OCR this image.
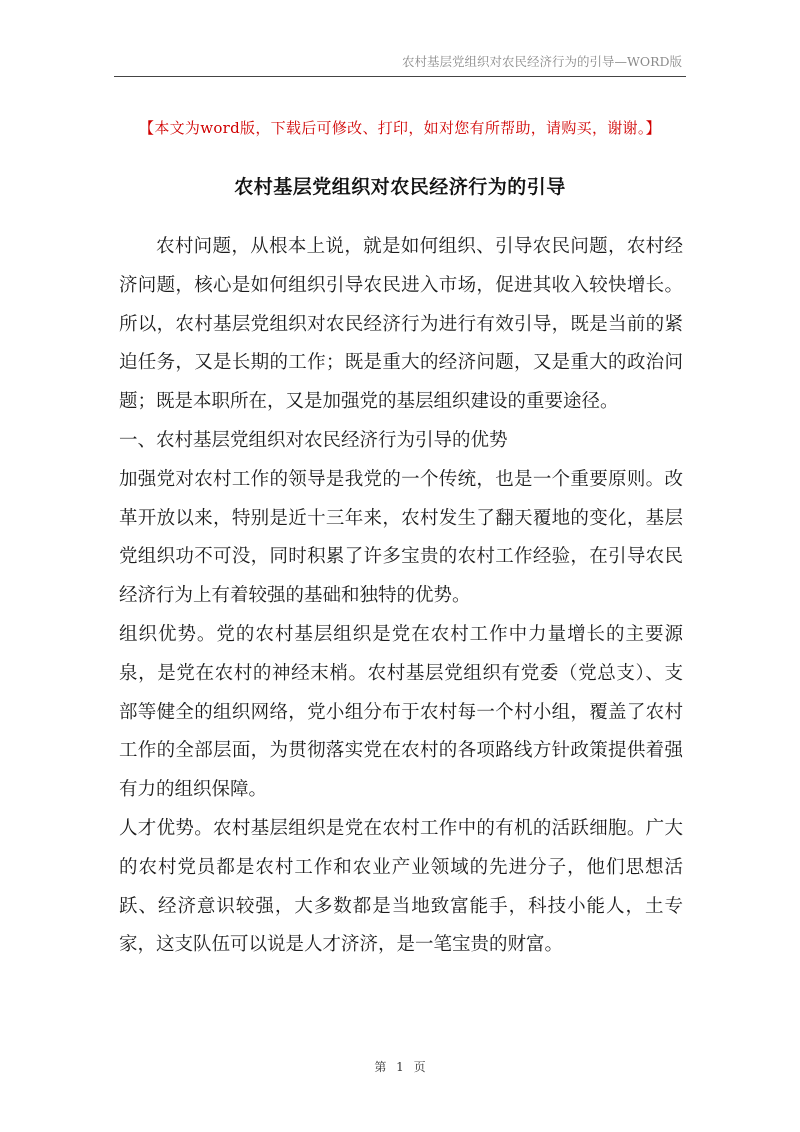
农村基层党组织对农民经济行为的引导—WORD版
【本文为word版，下载后可修改、打印，如对您有所帮助，请购买，谢谢。】
农村基层党组织对农民经济行为的引导

农村问题，从根本上说，就是如何组织、引导农民问题，农村经济问题，核心是如何组织引导农民进入市场，促进其收入较快增长。所以，农村基层党组织对农民经济行为进行有效引导，既是当前的紧迫任务，又是长期的工作；既是重大的经济问题，又是重大的政治问题；既是本职所在，又是加强党的基层组织建设的重要途径。

一、农村基层党组织对农民经济行为引导的优势

加强党对农村工作的领导是我党的一个传统，也是一个重要原则。改革开放以来，特别是近十三年来，农村发生了翻天覆地的变化，基层党组织功不可没，同时积累了许多宝贵的农村工作经验，在引导农民经济行为上有着较强的基础和独特的优势。

组织优势。党的农村基层组织是党在农村工作中力量增长的主要源泉，是党在农村的神经末梢。农村基层党组织有党委（党总支）、支部等健全的组织网络，党小组分布于农村每一个村小组，覆盖了农村工作的全部层面，为贯彻落实党在农村的各项路线方针政策提供着强有力的组织保障。

人才优势。农村基层组织是党在农村工作中的有机的活跃细胞。广大的农村党员都是农村工作和农业产业领域的先进分子，他们思想活跃、经济意识较强，大多数都是当地致富能手，科技小能人，土专家，这支队伍可以说是人才济济，是一笔宝贵的财富。

第 1 页
